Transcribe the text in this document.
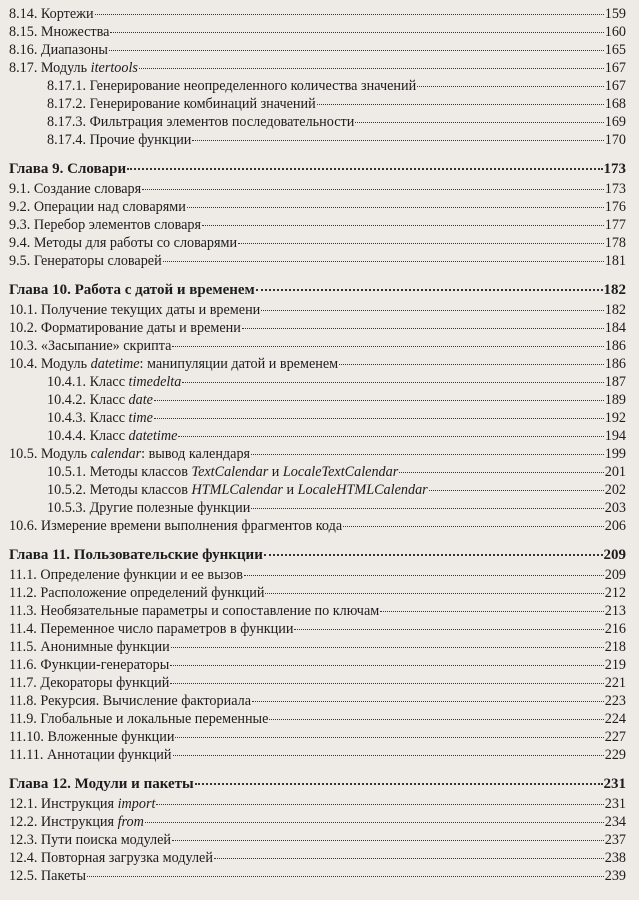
8.14. Кортежи	159
8.15. Множества	160
8.16. Диапазоны	165
8.17. Модуль itertools	167
8.17.1. Генерирование неопределенного количества значений	167
8.17.2. Генерирование комбинаций значений	168
8.17.3. Фильтрация элементов последовательности	169
8.17.4. Прочие функции	170
Глава 9. Словари	173
9.1. Создание словаря	173
9.2. Операции над словарями	176
9.3. Перебор элементов словаря	177
9.4. Методы для работы со словарями	178
9.5. Генераторы словарей	181
Глава 10. Работа с датой и временем	182
10.1. Получение текущих даты и времени	182
10.2. Форматирование даты и времени	184
10.3. «Засыпание» скрипта	186
10.4. Модуль datetime: манипуляции датой и временем	186
10.4.1. Класс timedelta	187
10.4.2. Класс date	189
10.4.3. Класс time	192
10.4.4. Класс datetime	194
10.5. Модуль calendar: вывод календаря	199
10.5.1. Методы классов TextCalendar и LocaleTextCalendar	201
10.5.2. Методы классов HTMLCalendar и LocaleHTMLCalendar	202
10.5.3. Другие полезные функции	203
10.6. Измерение времени выполнения фрагментов кода	206
Глава 11. Пользовательские функции	209
11.1. Определение функции и ее вызов	209
11.2. Расположение определений функций	212
11.3. Необязательные параметры и сопоставление по ключам	213
11.4. Переменное число параметров в функции	216
11.5. Анонимные функции	218
11.6. Функции-генераторы	219
11.7. Декораторы функций	221
11.8. Рекурсия. Вычисление факториала	223
11.9. Глобальные и локальные переменные	224
11.10. Вложенные функции	227
11.11. Аннотации функций	229
Глава 12. Модули и пакеты	231
12.1. Инструкция import	231
12.2. Инструкция from	234
12.3. Пути поиска модулей	237
12.4. Повторная загрузка модулей	238
12.5. Пакеты	239
